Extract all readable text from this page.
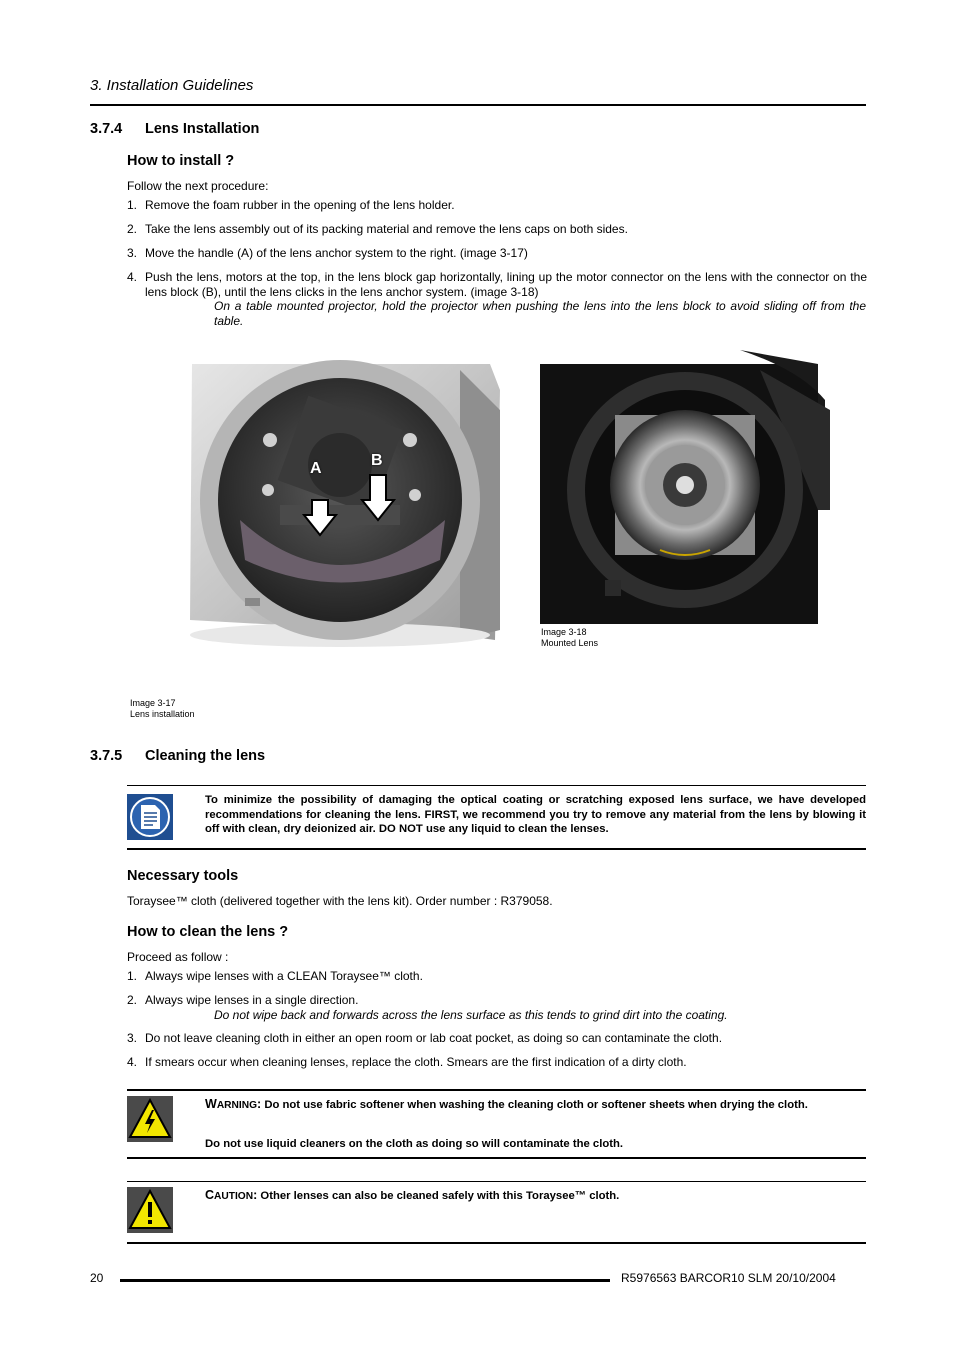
3. Installation Guidelines
3.7.4 Lens Installation
How to install ?
Follow the next procedure:
1. Remove the foam rubber in the opening of the lens holder.
2. Take the lens assembly out of its packing material and remove the lens caps on both sides.
3. Move the handle (A) of the lens anchor system to the right. (image 3-17)
4. Push the lens, motors at the top, in the lens block gap horizontally, lining up the motor connector on the lens with the connector on the lens block (B), until the lens clicks in the lens anchor system. (image 3-18)
On a table mounted projector, hold the projector when pushing the lens into the lens block to avoid sliding off from the table.
A	B
Image 3-17
Lens installation
Image 3-18
Mounted Lens
3.7.5 Cleaning the lens
To minimize the possibility of damaging the optical coating or scratching exposed lens surface, we have developed recommendations for cleaning the lens. FIRST, we recommend you try to remove any material from the lens by blowing it off with clean, dry deionized air. DO NOT use any liquid to clean the lenses.
Necessary tools
Toraysee™ cloth (delivered together with the lens kit). Order number : R379058.
How to clean the lens ?
Proceed as follow :
1. Always wipe lenses with a CLEAN Toraysee™ cloth.
2. Always wipe lenses in a single direction.
Do not wipe back and forwards across the lens surface as this tends to grind dirt into the coating.
3. Do not leave cleaning cloth in either an open room or lab coat pocket, as doing so can contaminate the cloth.
4. If smears occur when cleaning lenses, replace the cloth. Smears are the first indication of a dirty cloth.
WARNING: Do not use fabric softener when washing the cleaning cloth or softener sheets when drying the cloth.
Do not use liquid cleaners on the cloth as doing so will contaminate the cloth.
CAUTION: Other lenses can also be cleaned safely with this Toraysee™ cloth.
20	R5976563 BARCOR10 SLM 20/10/2004
